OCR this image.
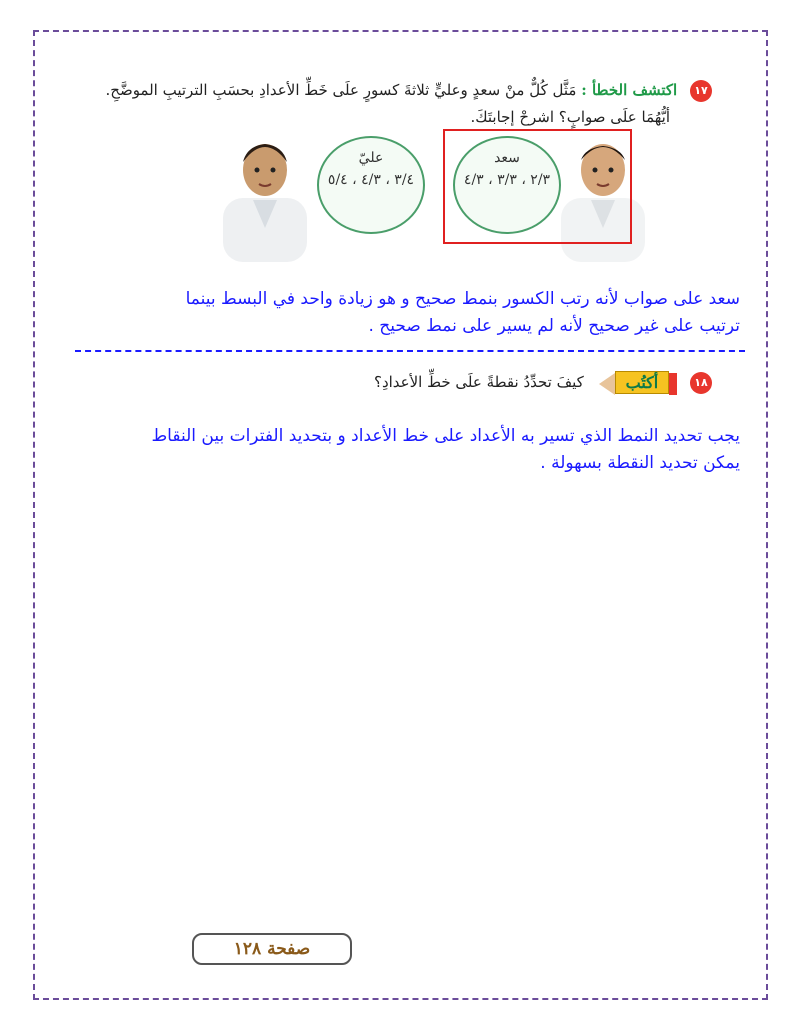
١٧ اكتشف الخطأ : مَثَّل كُلٌّ منْ سعدٍ وعليٍّ ثلاثةَ كسورٍ علَى خَطِّ الأعدادِ بحسَبِ الترتيبِ الموضَّحِ.
أيُّهُمَا علَى صوابٍ؟ اشرحْ إجابتَكَ.
عليّ
٣/٤ ، ٤/٣ ، ٥/٤
سعد
٢/٣ ، ٣/٣ ، ٤/٣
سعد على صواب لأنه رتب الكسور بنمط صحيح و هو زيادة واحد في البسط بينما
ترتيب على غير صحيح لأنه لم يسير على نمط صحيح .
١٨ أكتُب كيفَ تحدِّدُ نقطةً علَى خطِّ الأعدادِ؟
يجب تحديد النمط الذي تسير به الأعداد على خط الأعداد و بتحديد الفترات بين النقاط
يمكن تحديد النقطة بسهولة .
صفحة ١٢٨
